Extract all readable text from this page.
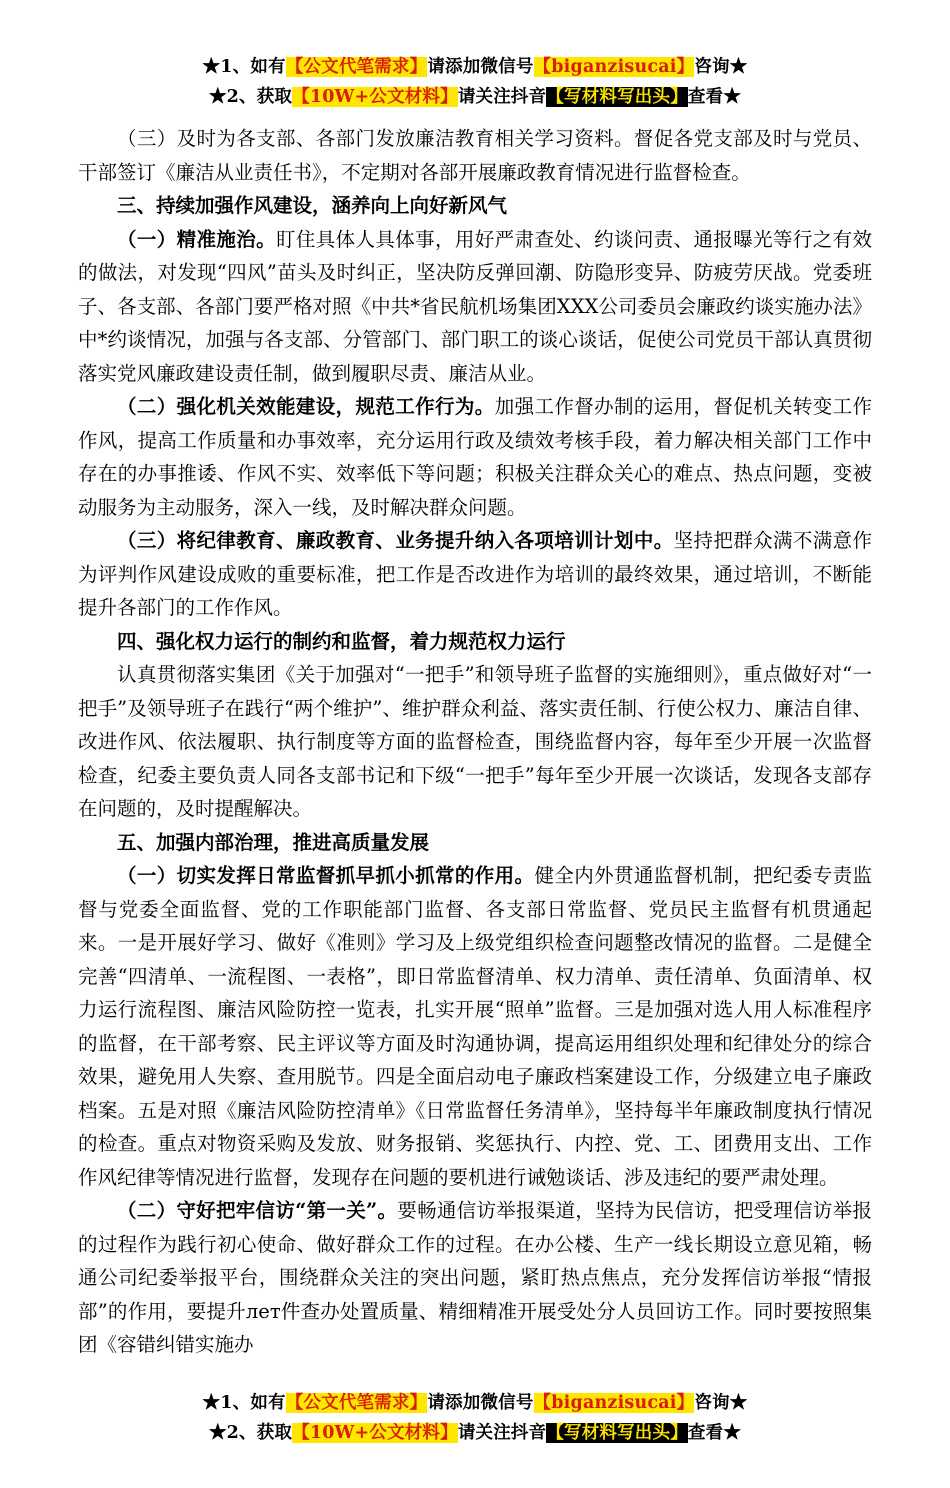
★1、如有【公文代笔需求】请添加微信号【biganzisucai】咨询★
★2、获取【10W+公文材料】请关注抖音【写材料写出头】查看★

（三）及时为各支部、各部门发放廉洁教育相关学习资料。督促各党支部及时与党员、干部签订《廉洁从业责任书》，不定期对各部开展廉政教育情况进行监督检查。

三、持续加强作风建设，涵养向上向好新风气

（一）精准施治。盯住具体人具体事，用好严肃查处、约谈问责、通报曝光等行之有效的做法，对发现“四风”苗头及时纠正，坚决防反弹回潮、防隐形变异、防疲劳厌战。党委班子、各支部、各部门要严格对照《中共*省民航机场集团XXX公司委员会廉政约谈实施办法》中*约谈情况，加强与各支部、分管部门、部门职工的谈心谈话，促使公司党员干部认真贯彻落实党风廉政建设责任制，做到履职尽责、廉洁从业。

（二）强化机关效能建设，规范工作行为。加强工作督办制的运用，督促机关转变工作作风，提高工作质量和办事效率，充分运用行政及绩效考核手段，着力解决相关部门工作中存在的办事推诿、作风不实、效率低下等问题；积极关注群众关心的难点、热点问题，变被动服务为主动服务，深入一线，及时解决群众问题。

（三）将纪律教育、廉政教育、业务提升纳入各项培训计划中。坚持把群众满不满意作为评判作风建设成败的重要标准，把工作是否改进作为培训的最终效果，通过培训，不断能提升各部门的工作作风。

四、强化权力运行的制约和监督，着力规范权力运行

认真贯彻落实集团《关于加强对“一把手”和领导班子监督的实施细则》，重点做好对“一把手”及领导班子在践行“两个维护”、维护群众利益、落实责任制、行使公权力、廉洁自律、改进作风、依法履职、执行制度等方面的监督检查，围绕监督内容，每年至少开展一次监督检查，纪委主要负责人同各支部书记和下级“一把手”每年至少开展一次谈话，发现各支部存在问题的，及时提醒解决。

五、加强内部治理，推进高质量发展

（一）切实发挥日常监督抓早抓小抓常的作用。健全内外贯通监督机制，把纪委专责监督与党委全面监督、党的工作职能部门监督、各支部日常监督、党员民主监督有机贯通起来。一是开展好学习、做好《准则》学习及上级党组织检查问题整改情况的监督。二是健全完善“四清单、一流程图、一表格”，即日常监督清单、权力清单、责任清单、负面清单、权力运行流程图、廉洁风险防控一览表，扎实开展“照单”监督。三是加强对选人用人标准程序的监督，在干部考察、民主评议等方面及时沟通协调，提高运用组织处理和纪律处分的综合效果，避免用人失察、查用脱节。四是全面启动电子廉政档案建设工作，分级建立电子廉政档案。五是对照《廉洁风险防控清单》《日常监督任务清单》，坚持每半年廉政制度执行情况的检查。重点对物资采购及发放、财务报销、奖惩执行、内控、党、工、团费用支出、工作作风纪律等情况进行监督，发现存在问题的要机进行诫勉谈话、涉及违纪的要严肃处理。

（二）守好把牢信访“第一关”。要畅通信访举报渠道，坚持为民信访，把受理信访举报的过程作为践行初心使命、做好群众工作的过程。在办公楼、生产一线长期设立意见箱，畅通公司纪委举报平台，围绕群众关注的突出问题，紧盯热点焦点，充分发挥信访举报“情报部”的作用，要提升лет件查办处置质量、精细精准开展受处分人员回访工作。同时要按照集团《容错纠错实施办

★1、如有【公文代笔需求】请添加微信号【biganzisucai】咨询★
★2、获取【10W+公文材料】请关注抖音【写材料写出头】查看★
